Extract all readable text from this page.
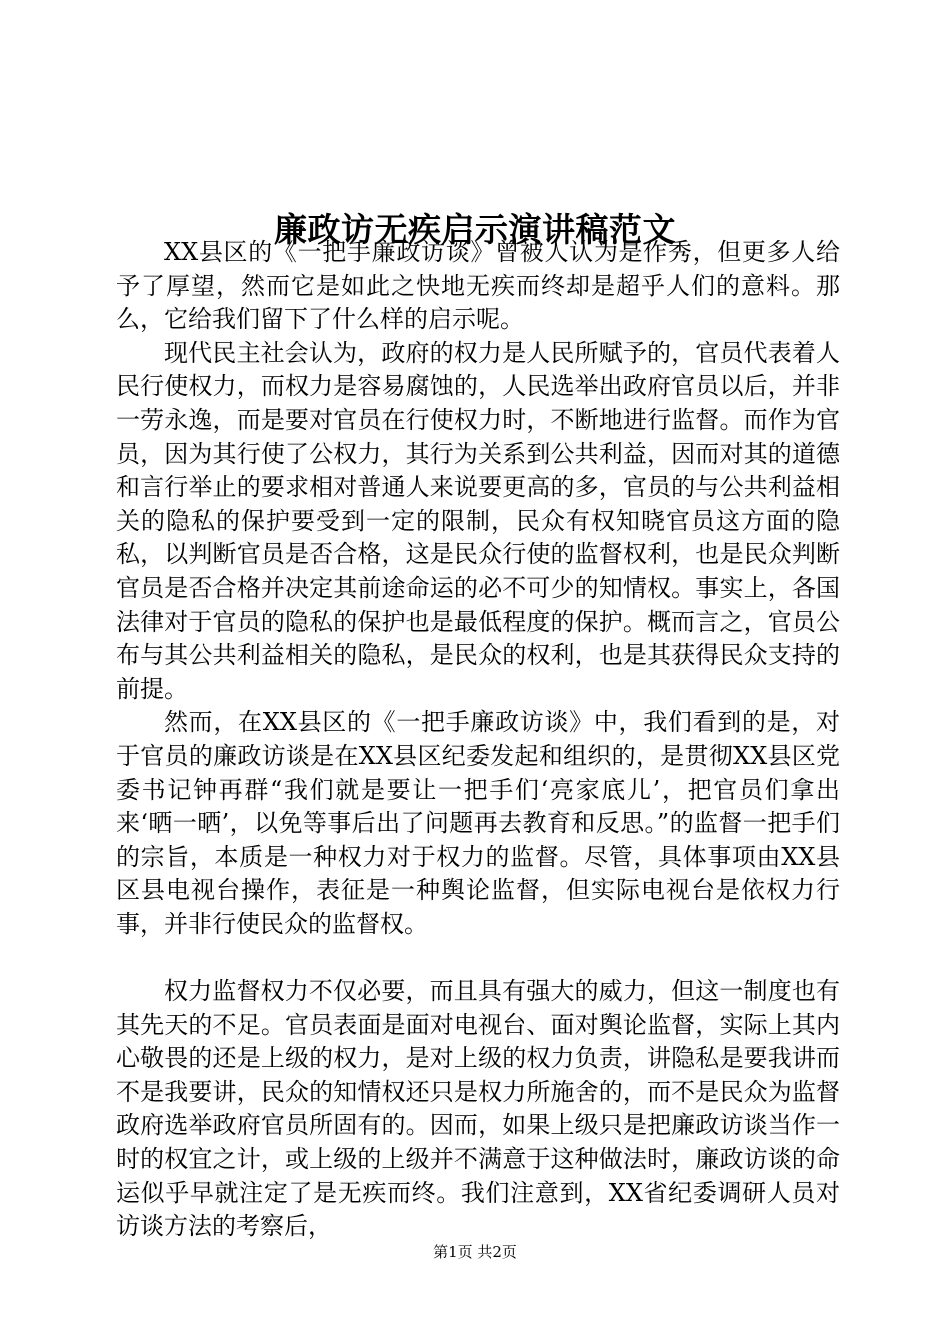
廉政访无疾启示演讲稿范文

XX县区的《一把手廉政访谈》曾被人认为是作秀，但更多人给予了厚望，然而它是如此之快地无疾而终却是超乎人们的意料。那么，它给我们留下了什么样的启示呢。

现代民主社会认为，政府的权力是人民所赋予的，官员代表着人民行使权力，而权力是容易腐蚀的，人民选举出政府官员以后，并非一劳永逸，而是要对官员在行使权力时，不断地进行监督。而作为官员，因为其行使了公权力，其行为关系到公共利益，因而对其的道德和言行举止的要求相对普通人来说要更高的多，官员的与公共利益相关的隐私的保护要受到一定的限制，民众有权知晓官员这方面的隐私，以判断官员是否合格，这是民众行使的监督权利，也是民众判断官员是否合格并决定其前途命运的必不可少的知情权。事实上，各国法律对于官员的隐私的保护也是最低程度的保护。概而言之，官员公布与其公共利益相关的隐私，是民众的权利，也是其获得民众支持的前提。

然而，在XX县区的《一把手廉政访谈》中，我们看到的是，对于官员的廉政访谈是在XX县区纪委发起和组织的，是贯彻XX县区党委书记钟再群“我们就是要让一把手们‘亮家底儿’，把官员们拿出来‘晒一晒’，以免等事后出了问题再去教育和反思。”的监督一把手们的宗旨，本质是一种权力对于权力的监督。尽管，具体事项由XX县区县电视台操作，表征是一种舆论监督，但实际电视台是依权力行事，并非行使民众的监督权。

权力监督权力不仅必要，而且具有强大的威力，但这一制度也有其先天的不足。官员表面是面对电视台、面对舆论监督，实际上其内心敬畏的还是上级的权力，是对上级的权力负责，讲隐私是要我讲而不是我要讲，民众的知情权还只是权力所施舍的，而不是民众为监督政府选举政府官员所固有的。因而，如果上级只是把廉政访谈当作一时的权宜之计，或上级的上级并不满意于这种做法时，廉政访谈的命运似乎早就注定了是无疾而终。我们注意到，XX省纪委调研人员对访谈方法的考察后，

第1页 共2页
